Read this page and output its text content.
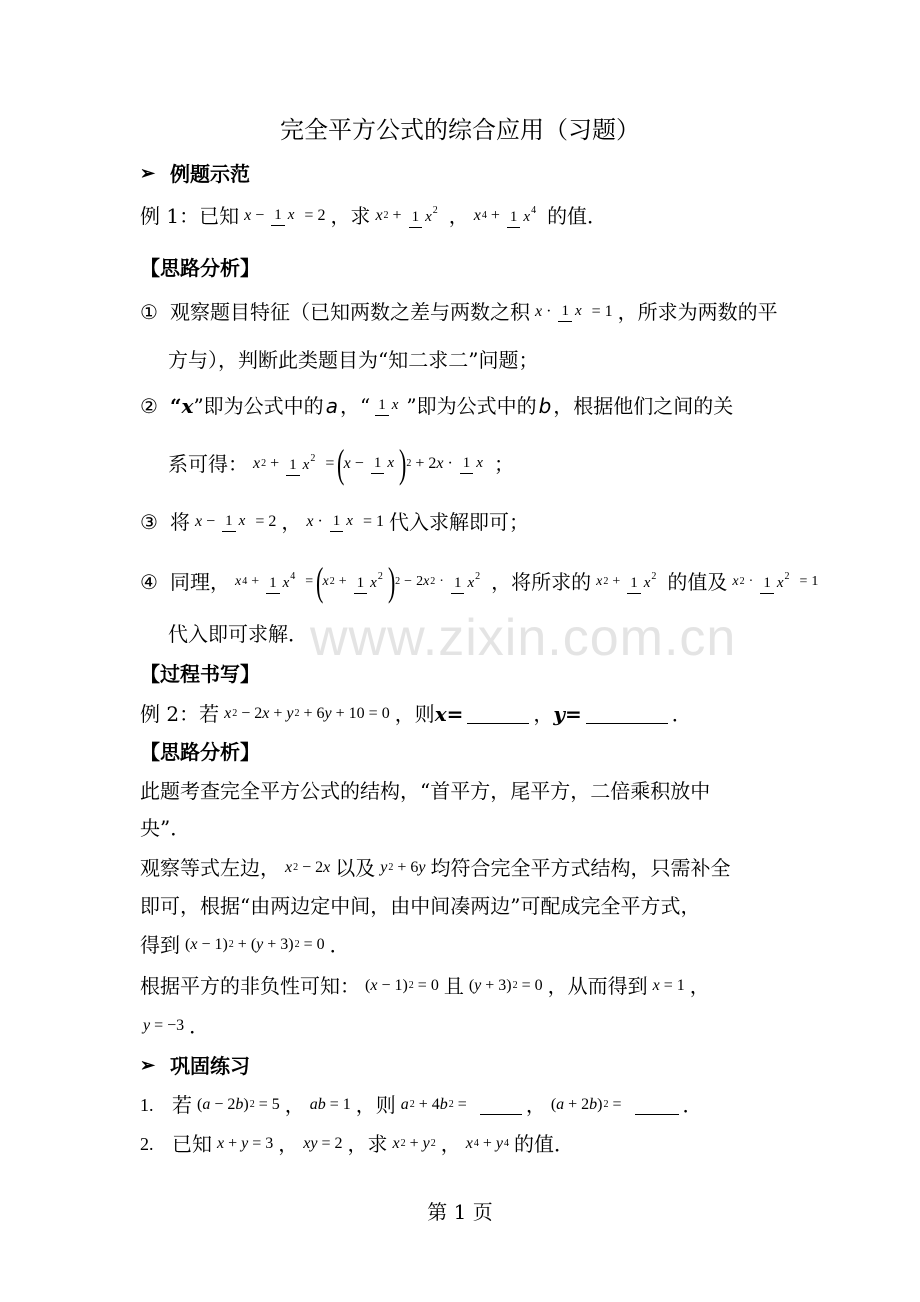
www.zixin.com.cn
完全平方公式的综合应用（习题）
➢ 例题示范
例 1：已知 x − 1 x = 2 ，求 x 2 + 1 $x^2$ ， x 4 + 1 $x^4$ 的值．
【思路分析】
① 观察题目特征（已知两数之差与两数之积 x · 1 x = 1 ，所求为两数的平
方与），判断此类题目为“知二求二”问题；
② “ x ”即为公式中的 a ，“ 1 x ”即为公式中的 b ，根据他们之间的关
系可得： x 2 + 1 $x^2$ = (
x − 1 x ) 2 + 2 x · 1 x ；
③ 将 x − 1 x = 2 ， x · 1 x = 1 代入求解即可；
④ 同理， x 4 + 1 $x^4$ = (
x 2 + 1 $x^2$ ) 2 − 2 x 2 · 1 $x^2$ ，将所求的 x 2 + 1 $x^2$ 的值及 x 2 · 1 $x^2 = 1$
代入即可求解．
【过程书写】
例 2：若 x 2 − 2 x + y 2 + 6 y + 10 = 0 ，则 x =	， y =	．
【思路分析】
此题考查完全平方公式的结构，“首平方，尾平方，二倍乘积放中
央”．
观察等式左边， x 2 − 2 x 以及 y 2 + 6 y 均符合完全平方式结构，只需补全
即可，根据“由两边定中间，由中间凑两边”可配成完全平方式，
得到 ( x − 1 ) 2 + ( y + 3 ) 2 = 0 ．
根据平方的非负性可知： ( x − 1 ) 2 = 0 且 ( y + 3 ) 2 = 0 ，从而得到 x = 1 ，
y = −3 ．
➢ 巩固练习
1. 若 ( a − 2 b ) 2 = 5 ， ab = 1 ，则 a 2 + 4 b 2 =	， ( a + 2 b ) 2 =	．
2. 已知 x + y = 3 ， xy = 2 ，求 x 2 + y 2 ， x 4 + y 4 的值．
第 1 页
